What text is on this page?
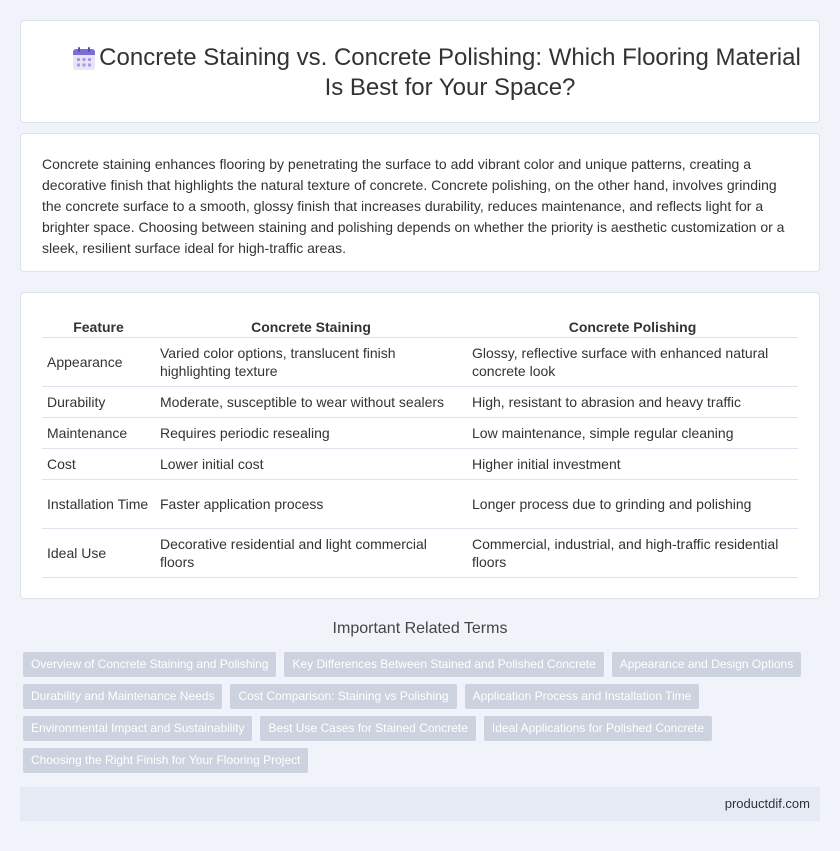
Concrete Staining vs. Concrete Polishing: Which Flooring Material Is Best for Your Space?

Concrete staining enhances flooring by penetrating the surface to add vibrant color and unique patterns, creating a decorative finish that highlights the natural texture of concrete. Concrete polishing, on the other hand, involves grinding the concrete surface to a smooth, glossy finish that increases durability, reduces maintenance, and reflects light for a brighter space. Choosing between staining and polishing depends on whether the priority is aesthetic customization or a sleek, resilient surface ideal for high-traffic areas.

Feature	Concrete Staining	Concrete Polishing
Appearance	Varied color options, translucent finish highlighting texture	Glossy, reflective surface with enhanced natural concrete look
Durability	Moderate, susceptible to wear without sealers	High, resistant to abrasion and heavy traffic
Maintenance	Requires periodic resealing	Low maintenance, simple regular cleaning
Cost	Lower initial cost	Higher initial investment
Installation Time	Faster application process	Longer process due to grinding and polishing
Ideal Use	Decorative residential and light commercial floors	Commercial, industrial, and high-traffic residential floors
Important Related Terms
Overview of Concrete Staining and Polishing	Key Differences Between Stained and Polished Concrete	Appearance and Design Options
Durability and Maintenance Needs	Cost Comparison: Staining vs Polishing	Application Process and Installation Time
Environmental Impact and Sustainability	Best Use Cases for Stained Concrete	Ideal Applications for Polished Concrete
Choosing the Right Finish for Your Flooring Project
productdif.com
